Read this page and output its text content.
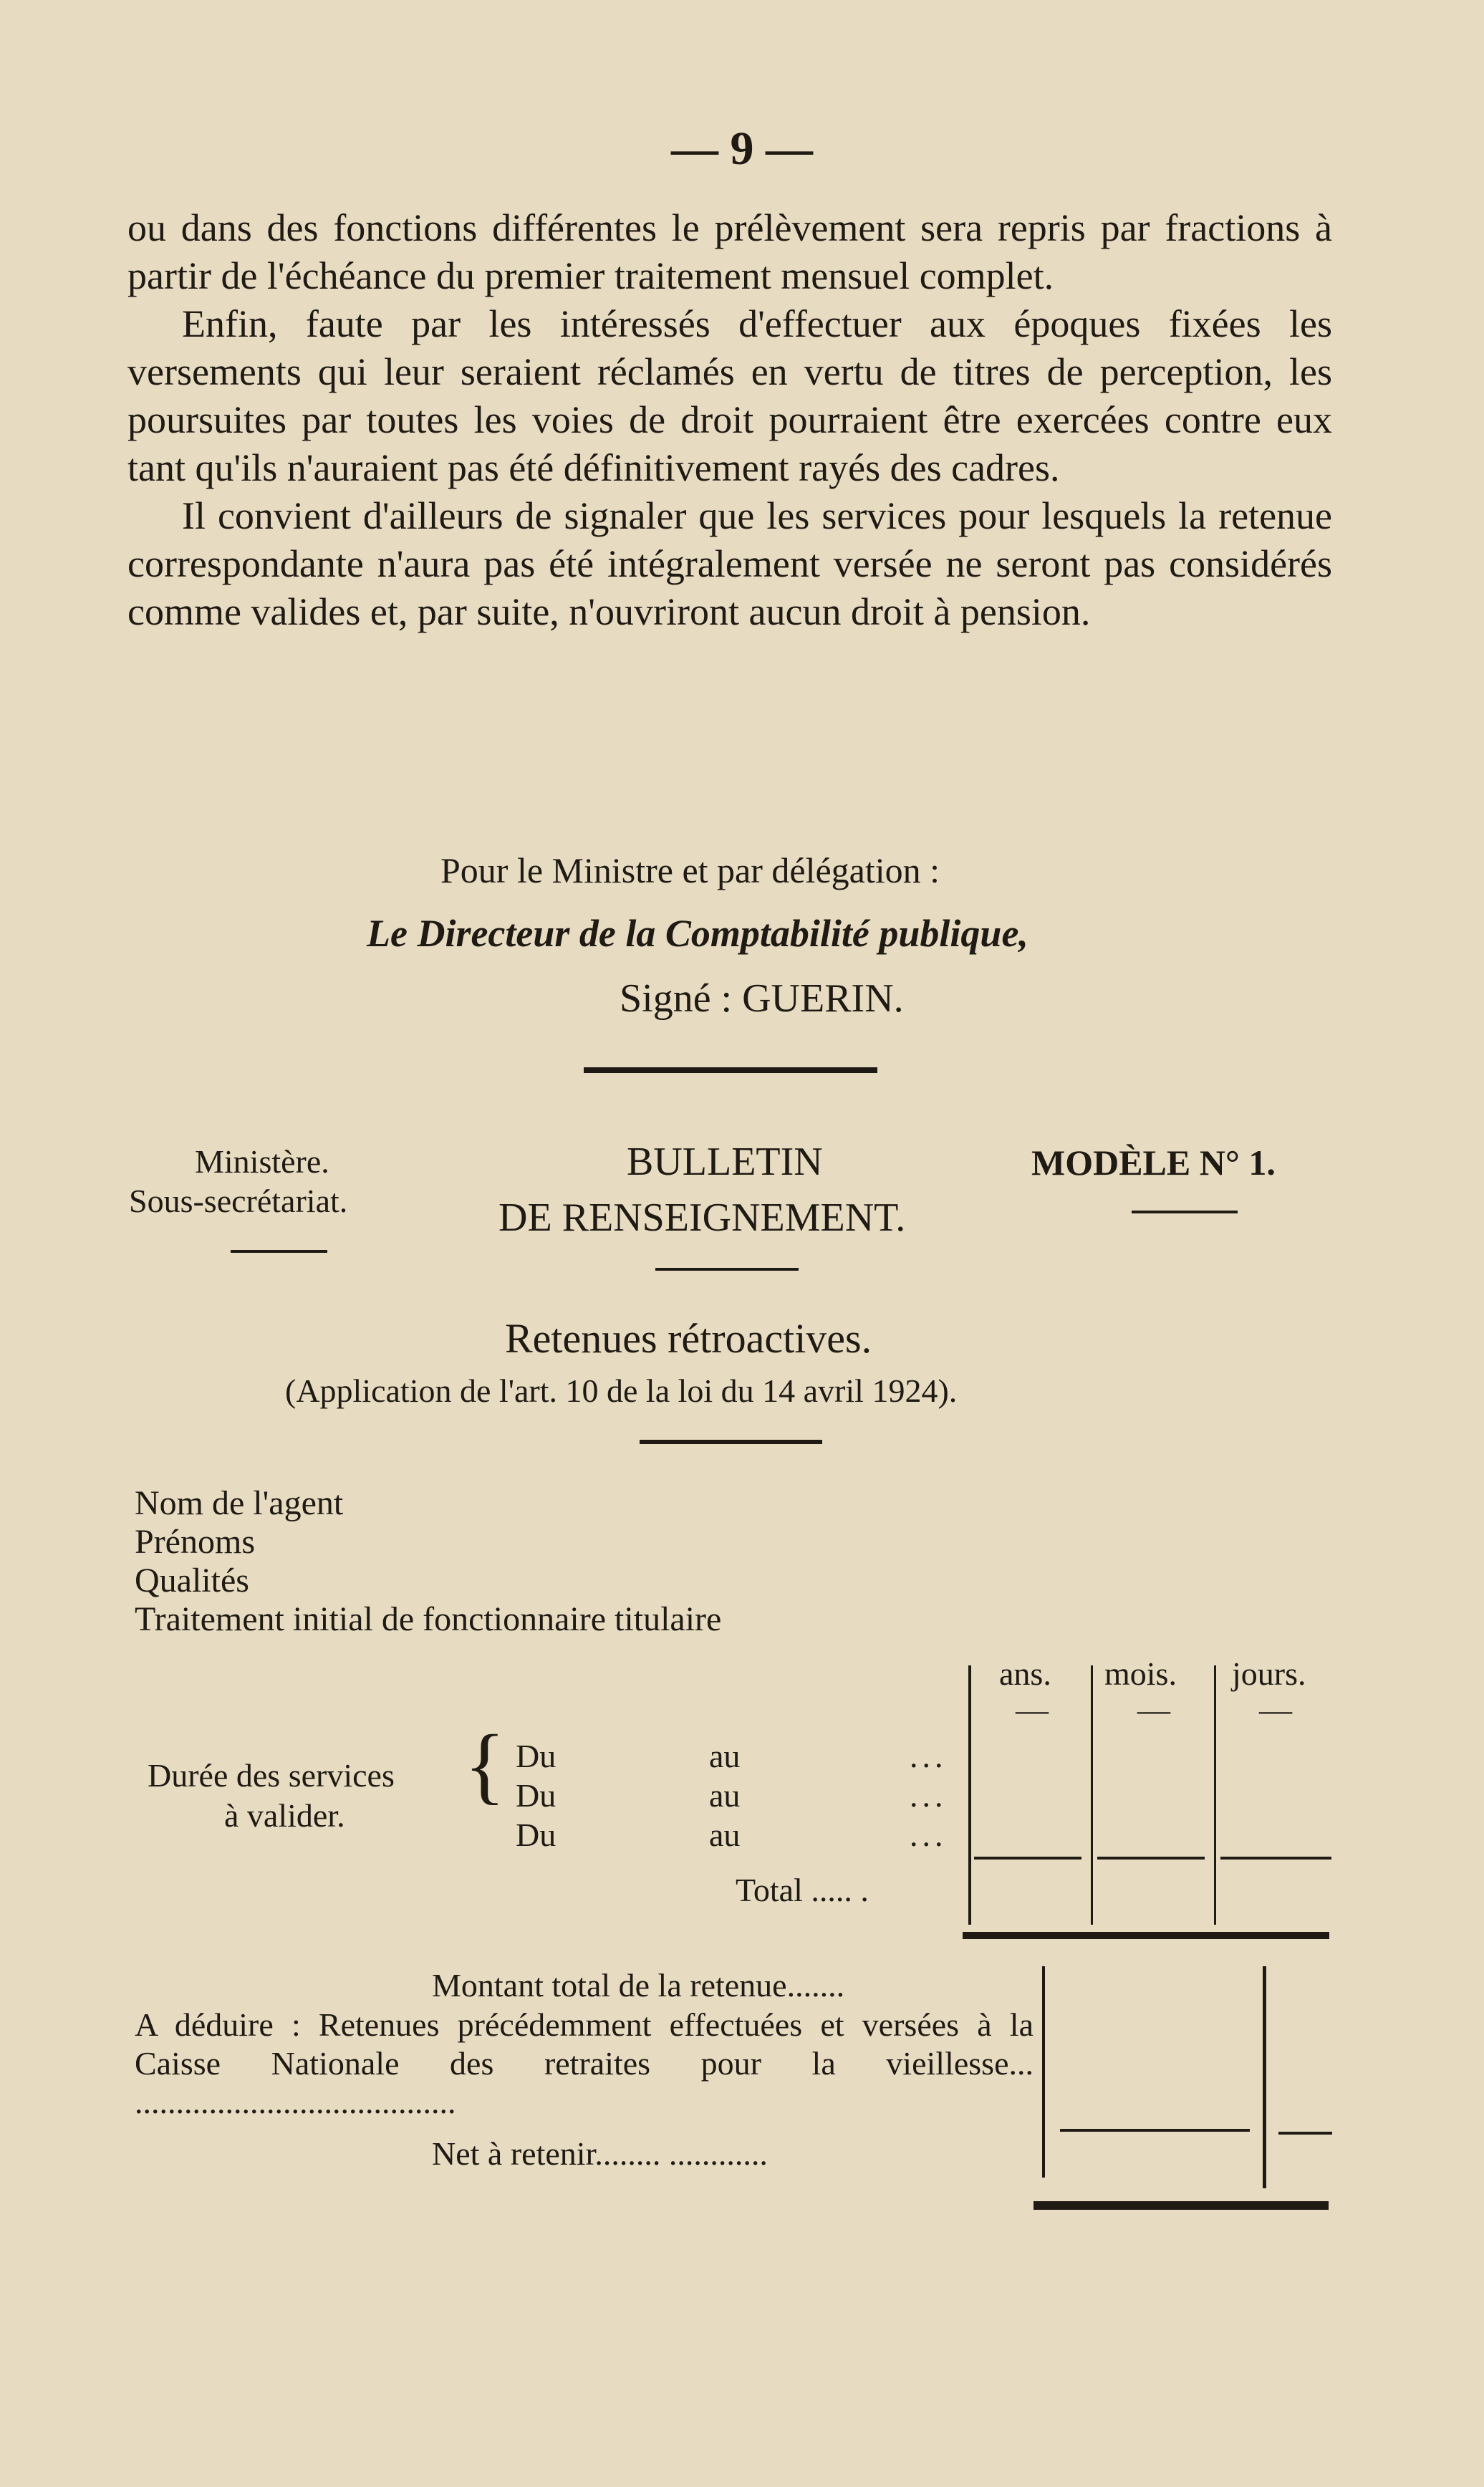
— 9 —

ou dans des fonctions différentes le prélèvement sera repris par fractions à partir de l'échéance du premier traitement mensuel complet.

Enfin, faute par les intéressés d'effectuer aux époques fixées les versements qui leur seraient réclamés en vertu de titres de perception, les poursuites par toutes les voies de droit pourraient être exercées contre eux tant qu'ils n'auraient pas été définitivement rayés des cadres.

Il convient d'ailleurs de signaler que les services pour lesquels la retenue correspondante n'aura pas été intégralement versée ne seront pas considérés comme valides et, par suite, n'ouvriront aucun droit à pension.

Pour le Ministre et par délégation :
Le Directeur de la Comptabilité publique,
Signé : GUERIN.
Ministère.
Sous-secrétariat.
BULLETIN
DE RENSEIGNEMENT.
MODÈLE N° 1.
Retenues rétroactives.
(Application de l'art. 10 de la loi du 14 avril 1924).
Nom de l'agent
Prénoms
Qualités
Traitement initial de fonctionnaire titulaire
ans. mois. jours.
—	—	—
Durée des services
à valider.
{ Du
Du
Du
au
au
au
...
...
...
Total ..... .
Montant total de la retenue.......
A déduire : Retenues précédemment effectuées et versées à la Caisse Nationale des retraites pour la vieillesse... .......................................
Net à retenir........ ............
